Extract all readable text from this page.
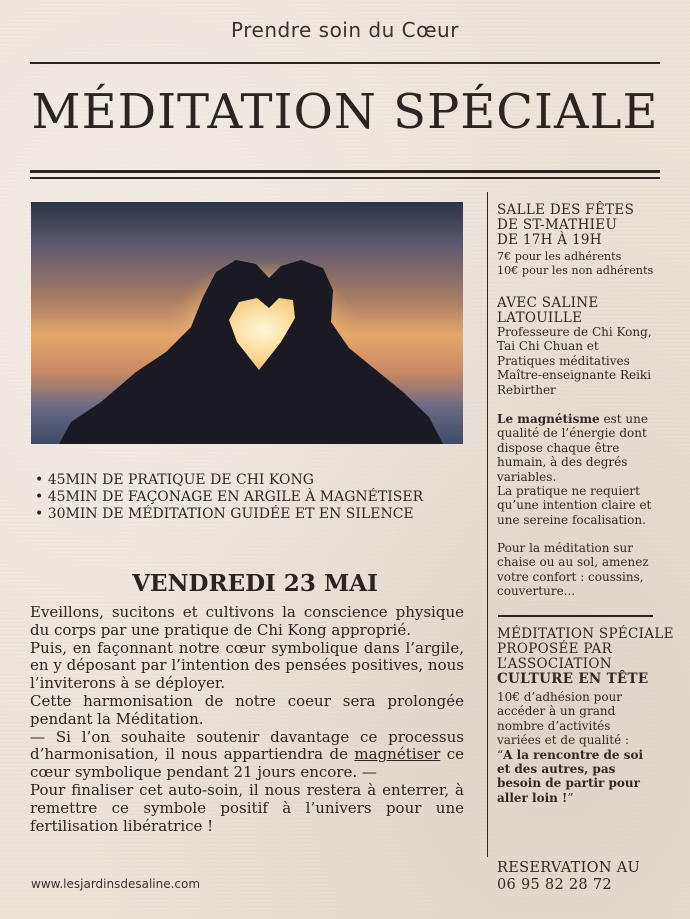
Prendre soin du Cœur
MÉDITATION SPÉCIALE
• 45MIN DE PRATIQUE DE CHI KONG
• 45MIN DE FAÇONAGE EN ARGILE À MAGNÉTISER
• 30MIN DE MÉDITATION GUIDÉE ET EN SILENCE
VENDREDI 23 MAI

Eveillons, sucitons et cultivons la conscience physique du corps par une pratique de Chi Kong approprié.

Puis, en façonnant notre cœur symbolique dans l’argile, en y déposant par l’intention des pensées positives, nous l’inviterons à se déployer.

Cette harmonisation de notre coeur sera prolongée pendant la Méditation.

— Si l’on souhaite soutenir davantage ce processus d’harmonisation, il nous appartiendra de magnétiser ce cœur symbolique pendant 21 jours encore. —

Pour finaliser cet auto-soin, il nous restera à enterrer, à remettre ce symbole positif à l’univers pour une fertilisation libératrice !

www.lesjardinsdesaline.com
SALLE DES FÊTES
DE ST-MATHIEU
DE 17H À 19H
7€ pour les adhérents
10€ pour les non adhérents
AVEC SALINE
LATOUILLE
Professeure de Chi Kong,
Tai Chi Chuan et
Pratiques méditatives
Maître-enseignante Reiki
Rebirther
Le magnétisme est une
qualité de l’énergie dont
dispose chaque être
humain, à des degrés
variables.
La pratique ne requiert
qu’une intention claire et
une sereine focalisation.
Pour la méditation sur
chaise ou au sol, amenez
votre confort : coussins,
couverture...
MÉDITATION SPÉCIALE
PROPOSÉE PAR
L’ASSOCIATION
CULTURE EN TÊTE
10€ d’adhésion pour
accéder à un grand
nombre d’activités
variées et de qualité :
“A la rencontre de soi
et des autres, pas
besoin de partir pour
aller loin !”
RESERVATION AU
06 95 82 28 72
